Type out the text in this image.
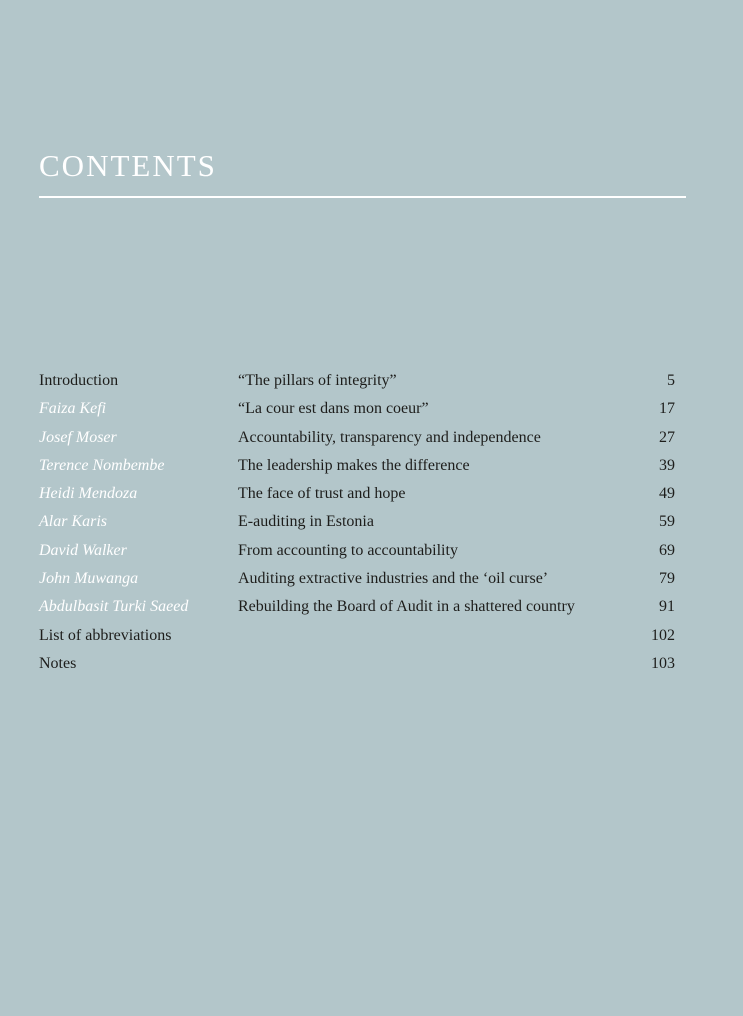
CONTENTS
Introduction	“The pillars of integrity”	5
Faiza Kefi	“La cour est dans mon coeur”	17
Josef Moser	Accountability, transparency and independence	27
Terence Nombembe	The leadership makes the difference	39
Heidi Mendoza	The face of trust and hope	49
Alar Karis	E-auditing in Estonia	59
David Walker	From accounting to accountability	69
John Muwanga	Auditing extractive industries and the ‘oil curse’	79
Abdulbasit Turki Saeed	Rebuilding the Board of Audit in a shattered country	91
List of abbreviations	102
Notes	103
